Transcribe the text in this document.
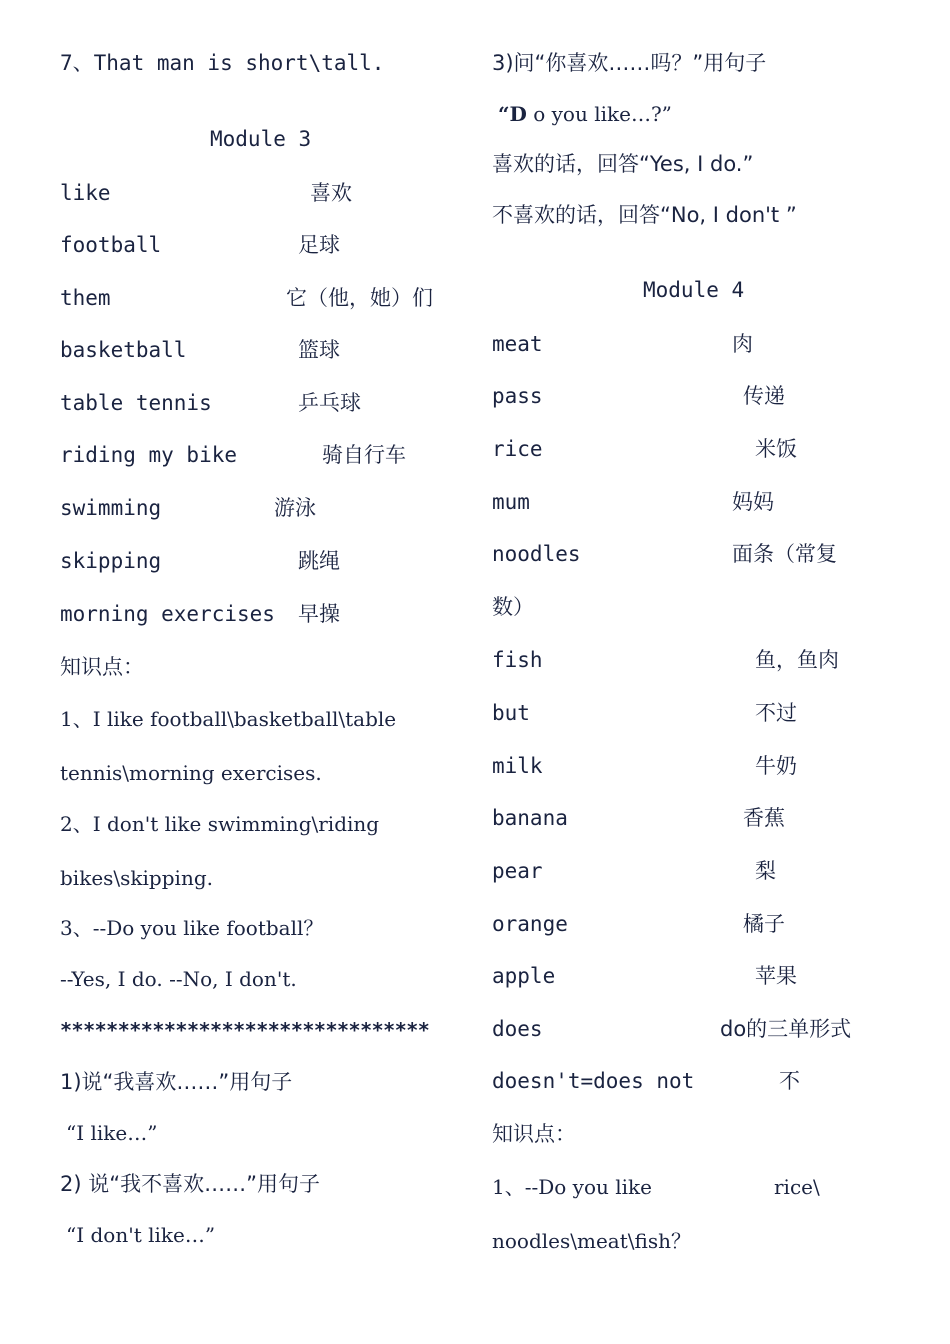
7、That man is short\tall.
Module 3
like	喜欢
football	足球
them	它（他，她）们
basketball	篮球
table tennis	乒乓球
riding my bike	骑自行车
swimming	游泳
skipping	跳绳
morning exercises 早操
知识点：
1、I like football\basketball\table
tennis\morning exercises.
2、I don't like swimming\riding
bikes\skipping.
3、--Do you like football？
--Yes, I do. --No, I don't.
********************************
1)说“我喜欢……”用句子
“I like…”
2) 说“我不喜欢……”用句子
“I don't like…”
3)问“你喜欢……吗？”用句子
“D o you like…?”
喜欢的话，回答“Yes, I do.”
不喜欢的话，回答“No, I don't ”
Module 4
meat	肉
pass	传递
rice	米饭
mum	妈妈
noodles	面条（常复
数）
fish	鱼，鱼肉
but	不过
milk	牛奶
banana	香蕉
pear	梨
orange	橘子
apple	苹果
does	do的三单形式
doesn't=does not	不
知识点：
1、--Do you like	rice\
noodles\meat\fish？
